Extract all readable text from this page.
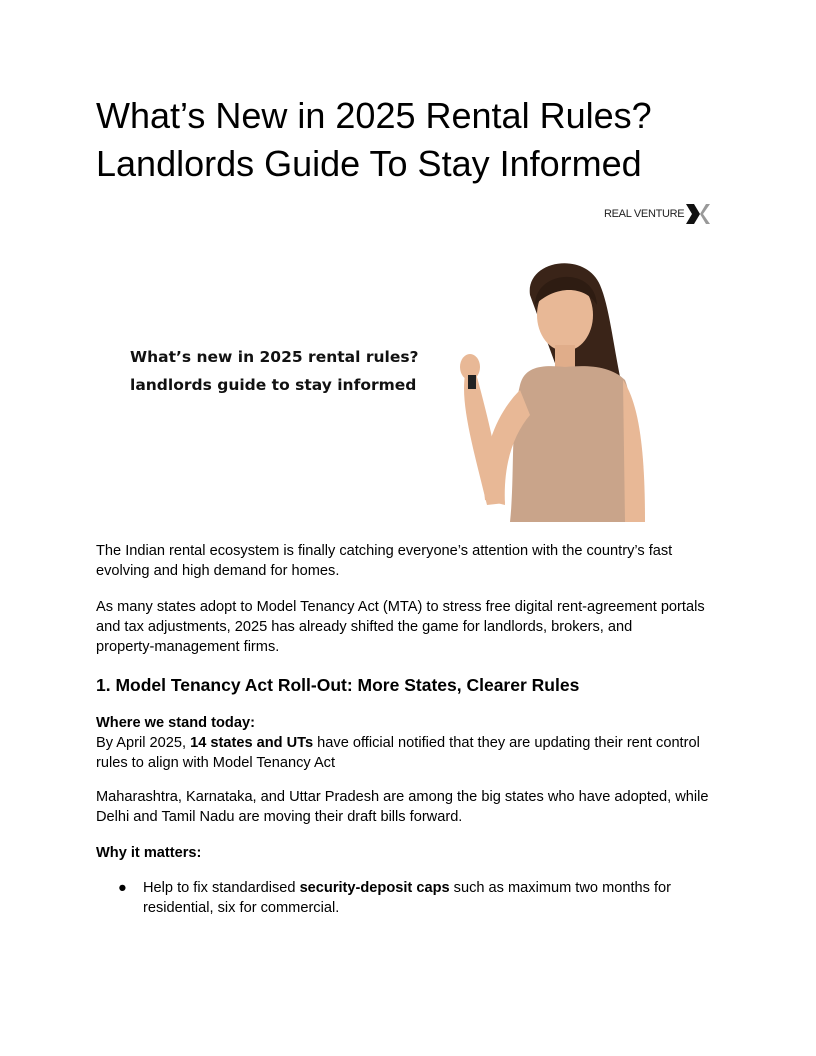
What’s New in 2025 Rental Rules?
Landlords Guide To Stay Informed
REAL VENTURE
What’s new in 2025 rental rules?
landlords guide to stay informed

The Indian rental ecosystem is finally catching everyone’s attention with the country’s fast evolving and high demand for homes.

As many states adopt to Model Tenancy Act (MTA) to stress free digital rent‑agreement portals and tax adjustments, 2025 has already shifted the game for landlords, brokers, and property‑management firms.

1. Model Tenancy Act Roll‑Out: More States, Clearer Rules

Where we stand today:
By April 2025, 14 states and UTs have official notified that they are updating their rent control rules to align with Model Tenancy Act

Maharashtra, Karnataka, and Uttar Pradesh are among the big states who have adopted, while Delhi and Tamil Nadu are moving their draft bills forward.

Why it matters:

● Help to fix standardised security‑deposit caps such as maximum two months for residential, six for commercial.
